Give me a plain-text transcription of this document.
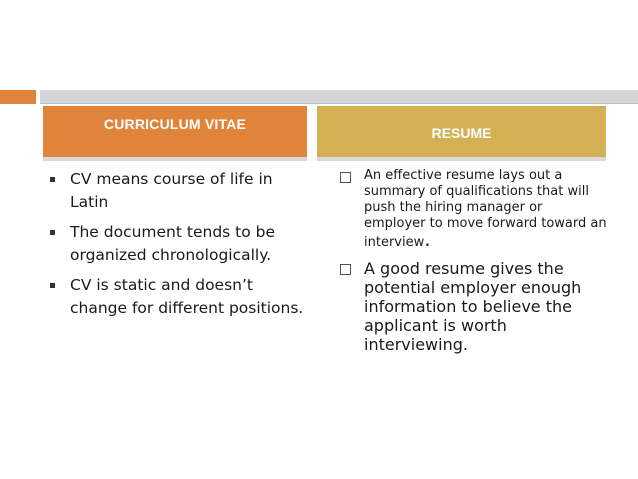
CURRICULUM VITAE
RESUME
CV means course of life in Latin
The document tends to be organized chronologically.
CV is static and doesn’t change for different positions.
An effective resume lays out a summary of qualifications that will push the hiring manager or employer to move forward toward an interview.
A good resume gives the potential employer enough information to believe the applicant is worth interviewing.
